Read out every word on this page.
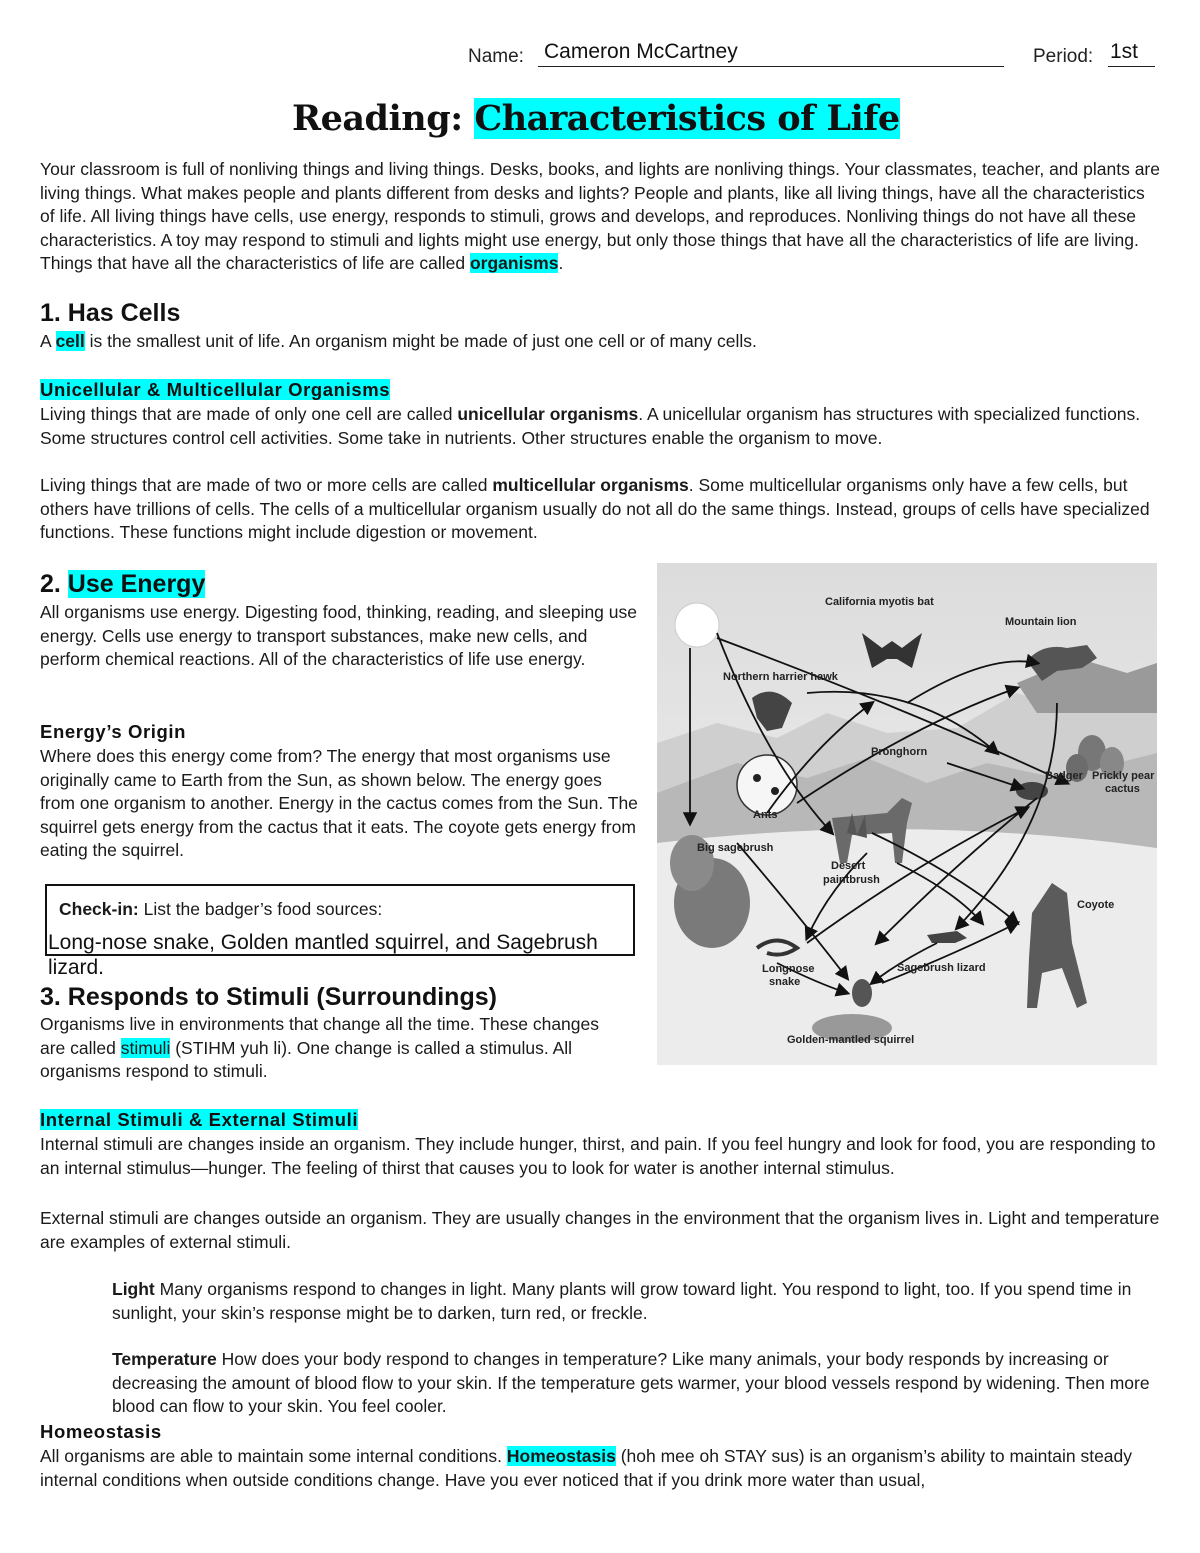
Name: Cameron McCartney	Period: 1st
Reading: Characteristics of Life

Your classroom is full of nonliving things and living things. Desks, books, and lights are nonliving things. Your classmates, teacher, and plants are living things. What makes people and plants different from desks and lights? People and plants, like all living things, have all the characteristics of life. All living things have cells, use energy, responds to stimuli, grows and develops, and reproduces. Nonliving things do not have all these characteristics. A toy may respond to stimuli and lights might use energy, but only those things that have all the characteristics of life are living. Things that have all the characteristics of life are called organisms.

1. Has Cells

A cell is the smallest unit of life. An organism might be made of just one cell or of many cells.

Unicellular & Multicellular Organisms

Living things that are made of only one cell are called unicellular organisms. A unicellular organism has structures with specialized functions. Some structures control cell activities. Some take in nutrients. Other structures enable the organism to move.

Living things that are made of two or more cells are called multicellular organisms. Some multicellular organisms only have a few cells, but others have trillions of cells. The cells of a multicellular organism usually do not all do the same things. Instead, groups of cells have specialized functions. These functions might include digestion or movement.

2. Use Energy

All organisms use energy. Digesting food, thinking, reading, and sleeping use energy. Cells use energy to transport substances, make new cells, and perform chemical reactions. All of the characteristics of life use energy.

Energy’s Origin

Where does this energy come from? The energy that most organisms use originally came to Earth from the Sun, as shown below. The energy goes from one organism to another. Energy in the cactus comes from the Sun. The squirrel gets energy from the cactus that it eats. The coyote gets energy from eating the squirrel.

Check-in: List the badger’s food sources:
Long-nose snake, Golden mantled squirrel, and Sagebrush lizard.
3. Responds to Stimuli (Surroundings)

Organisms live in environments that change all the time. These changes are called stimuli (STIHM yuh li). One change is called a stimulus. All organisms respond to stimuli.

Internal Stimuli & External Stimuli

Internal stimuli are changes inside an organism. They include hunger, thirst, and pain. If you feel hungry and look for food, you are responding to an internal stimulus—hunger. The feeling of thirst that causes you to look for water is another internal stimulus.

External stimuli are changes outside an organism. They are usually changes in the environment that the organism lives in. Light and temperature are examples of external stimuli.

Light Many organisms respond to changes in light. Many plants will grow toward light. You respond to light, too. If you spend time in sunlight, your skin’s response might be to darken, turn red, or freckle.

Temperature How does your body respond to changes in temperature? Like many animals, your body responds by increasing or decreasing the amount of blood flow to your skin. If the temperature gets warmer, your blood vessels respond by widening. Then more blood can flow to your skin. You feel cooler.

Homeostasis

All organisms are able to maintain some internal conditions. Homeostasis (hoh mee oh STAY sus) is an organism’s ability to maintain steady internal conditions when outside conditions change. Have you ever noticed that if you drink more water than usual,

California myotis bat
Mountain lion
Northern harrier hawk
Pronghorn
Badger Prickly pear
cactus
Ants
Big sagebrush
Desert
paintbrush
Coyote
Longnose
snake
Sagebrush lizard
Golden-mantled squirrel
